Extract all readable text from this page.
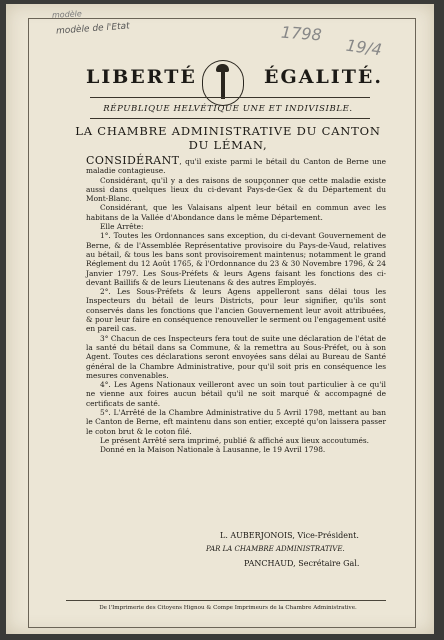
modèle de l'Etat
modèle
1798
19/4
LIBERTÉ	ÉGALITÉ.
RÉPUBLIQUE HELVÉTIQUE UNE ET INDIVISIBLE.
LA CHAMBRE ADMINISTRATIVE DU CANTON
DU LÉMAN,

CONSIDÉRANT, qu'il existe parmi le bétail du Canton de Berne une maladie contagieuse.

Considérant, qu'il y a des raisons de soupçonner que cette maladie existe aussi dans quelques lieux du ci-devant Pays-de-Gex & du Département du Mont-Blanc.

Considérant, que les Valaisans alpent leur bétail en commun avec les habitans de la Vallée d'Abondance dans le même Département.

Elle Arrête:

1°. Toutes les Ordonnances sans exception, du ci-devant Gouvernement de Berne, & de l'Assemblée Représentative provisoire du Pays-de-Vaud, relatives au bétail, & tous les bans sont provisoirement maintenus; notamment le grand Réglement du 12 Août 1765, & l'Ordonnance du 23 & 30 Novembre 1796, & 24 Janvier 1797. Les Sous-Préfets & leurs Agens faisant les fonctions des ci-devant Baillifs & de leurs Lieutenans & des autres Employés.

2°. Les Sous-Préfets & leurs Agens appelleront sans délai tous les Inspecteurs du bétail de leurs Districts, pour leur signifier, qu'ils sont conservés dans les fonctions que l'ancien Gouvernement leur avoit attribuées, & pour leur faire en conséquence renouveller le serment ou l'engagement usité en pareil cas.

3° Chacun de ces Inspecteurs fera tout de suite une déclaration de l'état de la santé du bétail dans sa Commune, & la remettra au Sous-Préfet, ou à son Agent. Toutes ces déclarations seront envoyées sans délai au Bureau de Santé général de la Chambre Administrative, pour qu'il soit pris en conséquence les mesures convenables.

4°. Les Agens Nationaux veilleront avec un soin tout particulier à ce qu'il ne vienne aux foires aucun bétail qu'il ne soit marqué & accompagné de certificats de santé.

5°. L'Arrêté de la Chambre Administrative du 5 Avril 1798, mettant au ban le Canton de Berne, eft maintenu dans son entier, excepté qu'on laissera passer le coton brut & le coton filé.

Le présent Arrêté sera imprimé, publié & affiché aux lieux accoutumés.

Donné en la Maison Nationale à Lausanne, le 19 Avril 1798.

L. AUBERJONOIS, Vice-Président.
PAR LA CHAMBRE ADMINISTRATIVE.
PANCHAUD, Secrétaire Gal.
De l'Imprimerie des Citoyens Hignou & Compe Imprimeurs de la Chambre Administrative.
